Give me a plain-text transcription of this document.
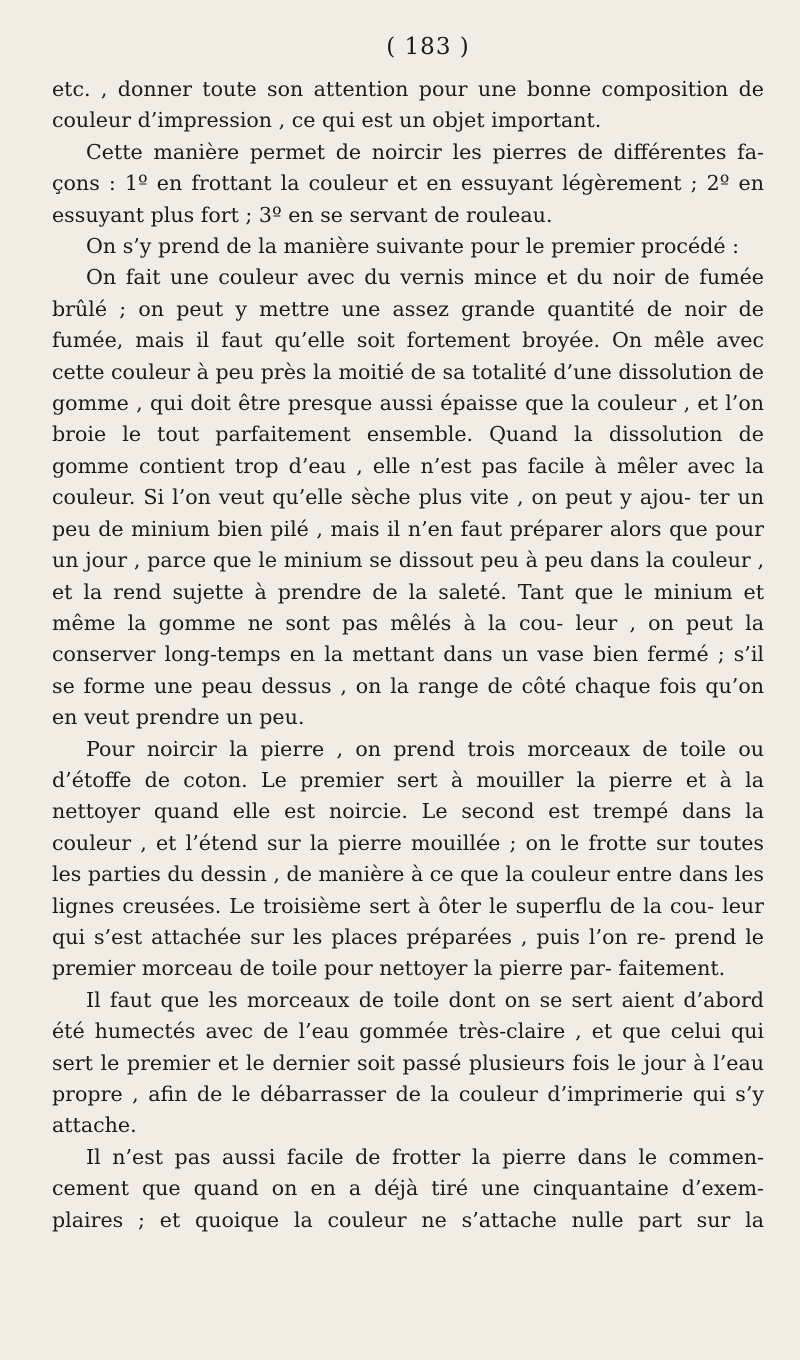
( 183 )

etc. , donner toute son attention pour une bonne composition de couleur d’impression , ce qui est un objet important.

Cette manière permet de noircir les pierres de différentes fa- çons : 1º en frottant la couleur et en essuyant légèrement ; 2º en essuyant plus fort ; 3º en se servant de rouleau.

On s’y prend de la manière suivante pour le premier procédé :

On fait une couleur avec du vernis mince et du noir de fumée brûlé ; on peut y mettre une assez grande quantité de noir de fumée, mais il faut qu’elle soit fortement broyée. On mêle avec cette couleur à peu près la moitié de sa totalité d’une dissolution de gomme , qui doit être presque aussi épaisse que la couleur , et l’on broie le tout parfaitement ensemble. Quand la dissolution de gomme contient trop d’eau , elle n’est pas facile à mêler avec la couleur. Si l’on veut qu’elle sèche plus vite , on peut y ajou- ter un peu de minium bien pilé , mais il n’en faut préparer alors que pour un jour , parce que le minium se dissout peu à peu dans la couleur , et la rend sujette à prendre de la saleté. Tant que le minium et même la gomme ne sont pas mêlés à la cou- leur , on peut la conserver long-temps en la mettant dans un vase bien fermé ; s’il se forme une peau dessus , on la range de côté chaque fois qu’on en veut prendre un peu.

Pour noircir la pierre , on prend trois morceaux de toile ou d’étoffe de coton. Le premier sert à mouiller la pierre et à la nettoyer quand elle est noircie. Le second est trempé dans la couleur , et l’étend sur la pierre mouillée ; on le frotte sur toutes les parties du dessin , de manière à ce que la couleur entre dans les lignes creusées. Le troisième sert à ôter le superflu de la cou- leur qui s’est attachée sur les places préparées , puis l’on re- prend le premier morceau de toile pour nettoyer la pierre par- faitement.

Il faut que les morceaux de toile dont on se sert aient d’abord été humectés avec de l’eau gommée très-claire , et que celui qui sert le premier et le dernier soit passé plusieurs fois le jour à l’eau propre , afin de le débarrasser de la couleur d’imprimerie qui s’y attache.

Il n’est pas aussi facile de frotter la pierre dans le commen- cement que quand on en a déjà tiré une cinquantaine d’exem- plaires ; et quoique la couleur ne s’attache nulle part sur la
